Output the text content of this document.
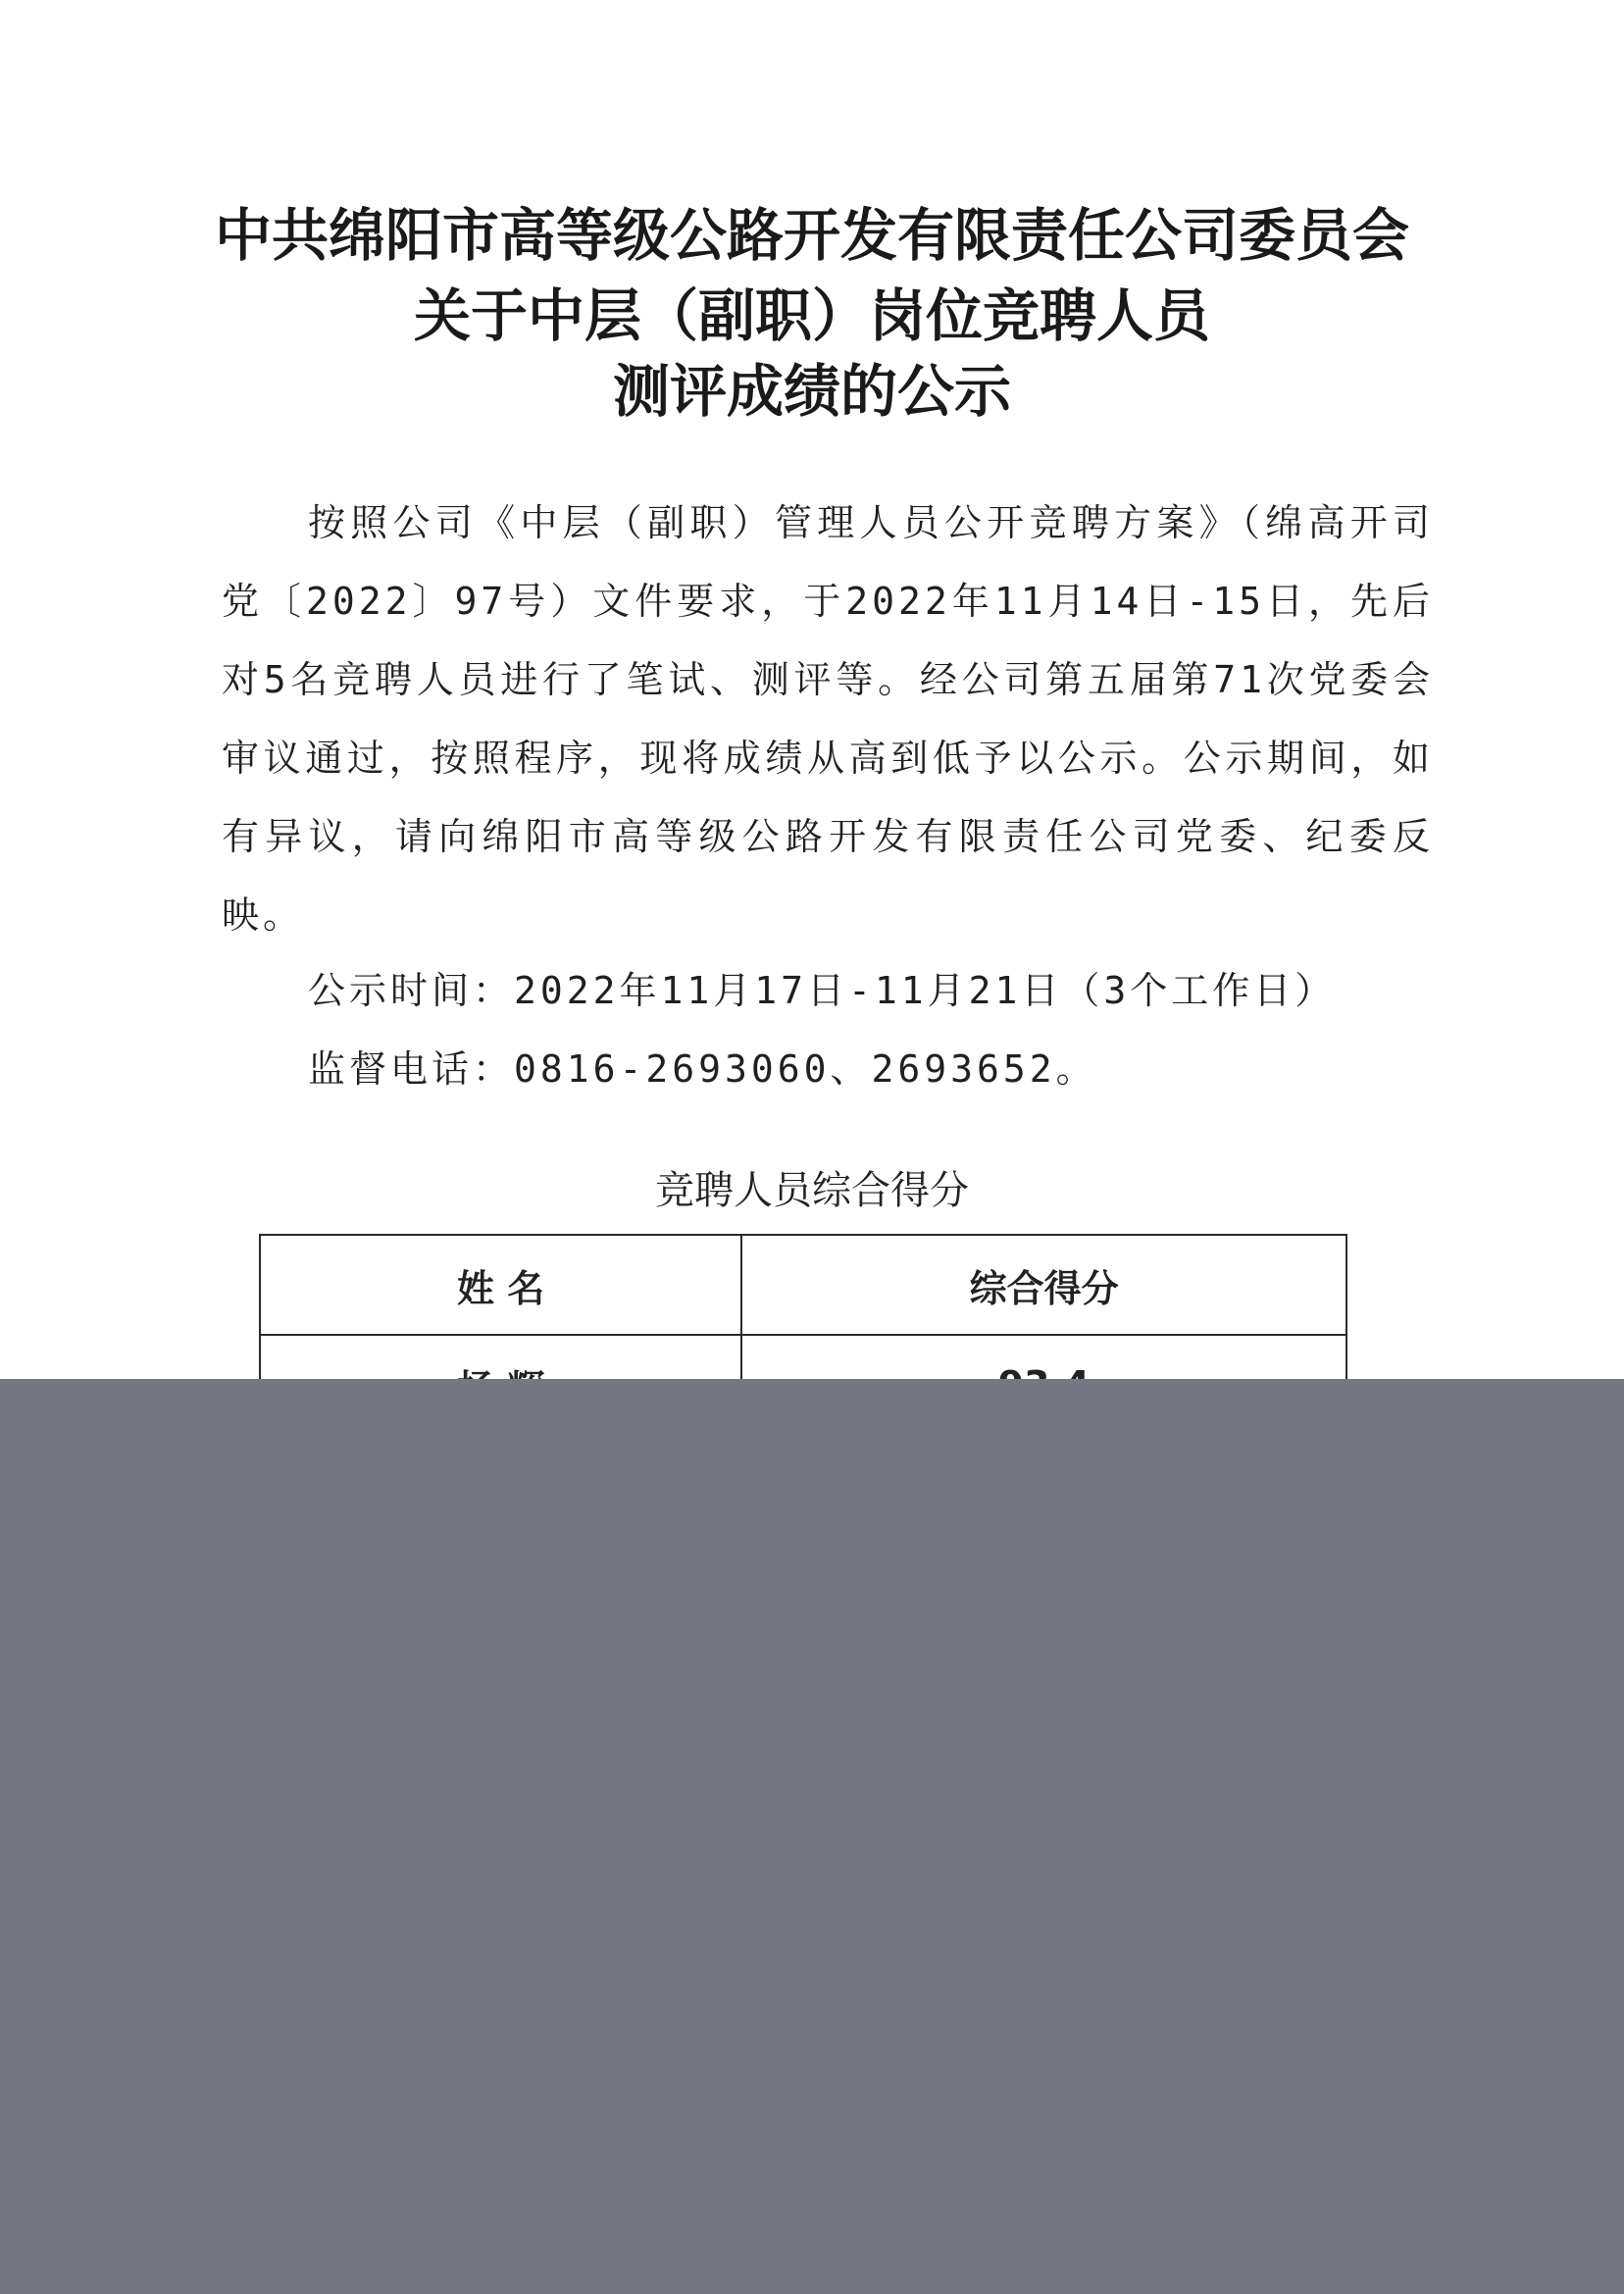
中共绵阳市高等级公路开发有限责任公司委员会
关于中层（副职）岗位竞聘人员
测评成绩的公示
按照公司《中层（副职）管理人员公开竞聘方案》（绵高开司党〔2022〕97号）文件要求，于2022年11月14日-15日，先后对5名竞聘人员进行了笔试、测评等。经公司第五届第71次党委会审议通过，按照程序，现将成绩从高到低予以公示。公示期间，如有异议，请向绵阳市高等级公路开发有限责任公司党委、纪委反映。
公示时间：2022年11月17日-11月21日（3个工作日）
监督电话：0816-2693060、2693652。
竞聘人员综合得分
姓 名	综合得分
